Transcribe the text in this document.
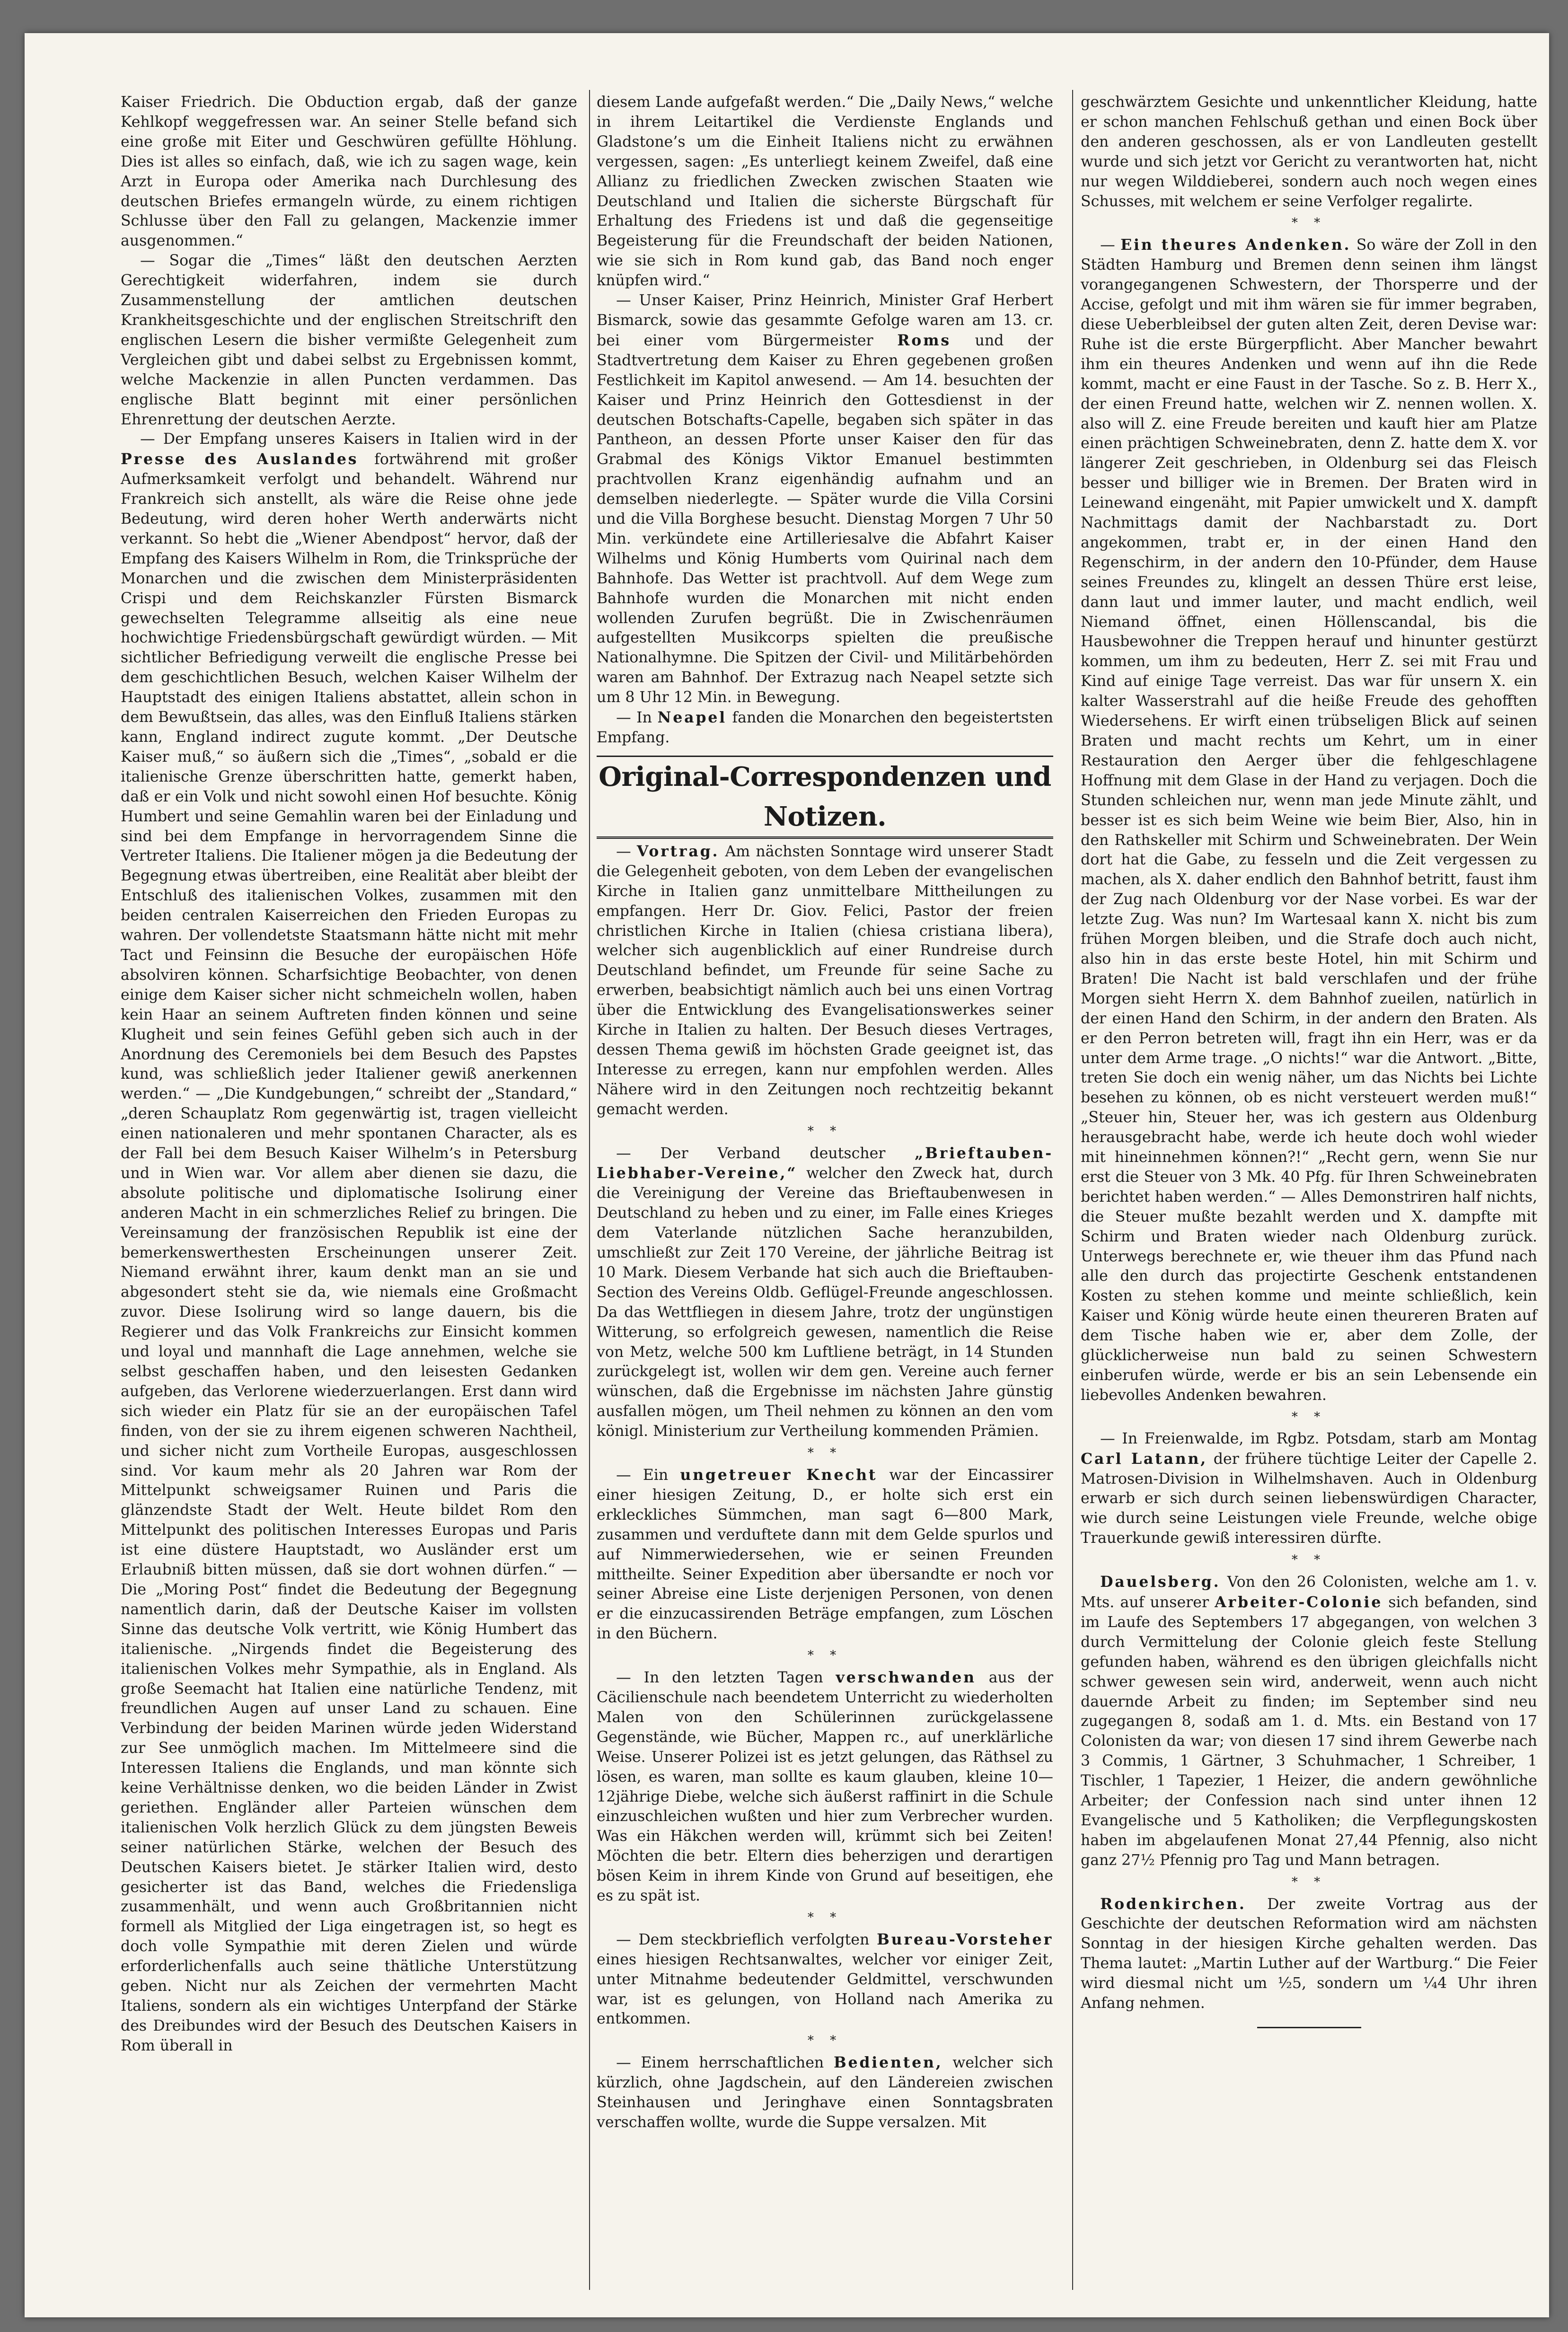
Kaiser Friedrich. Die Obduction ergab, daß der ganze Kehlkopf weggefressen war. An seiner Stelle befand sich eine große mit Eiter und Geschwüren gefüllte Höhlung. Dies ist alles so einfach, daß, wie ich zu sagen wage, kein Arzt in Europa oder Amerika nach Durchlesung des deutschen Briefes ermangeln würde, zu einem richtigen Schlusse über den Fall zu gelangen, Mackenzie immer ausgenommen.“

— Sogar die „Times“ läßt den deutschen Aerzten Gerechtigkeit widerfahren, indem sie durch Zusammenstellung der amtlichen deutschen Krankheitsgeschichte und der englischen Streitschrift den englischen Lesern die bisher vermißte Gelegenheit zum Vergleichen gibt und dabei selbst zu Ergebnissen kommt, welche Mackenzie in allen Puncten verdammen. Das englische Blatt beginnt mit einer persönlichen Ehrenrettung der deutschen Aerzte.

— Der Empfang unseres Kaisers in Italien wird in der Presse des Auslandes fortwährend mit großer Aufmerksamkeit verfolgt und behandelt. Während nur Frankreich sich anstellt, als wäre die Reise ohne jede Bedeutung, wird deren hoher Werth anderwärts nicht verkannt. So hebt die „Wiener Abendpost“ hervor, daß der Empfang des Kaisers Wilhelm in Rom, die Trinksprüche der Monarchen und die zwischen dem Ministerpräsidenten Crispi und dem Reichskanzler Fürsten Bismarck gewechselten Telegramme allseitig als eine neue hochwichtige Friedensbürgschaft gewürdigt würden. — Mit sichtlicher Befriedigung verweilt die englische Presse bei dem geschichtlichen Besuch, welchen Kaiser Wilhelm der Hauptstadt des einigen Italiens abstattet, allein schon in dem Bewußtsein, das alles, was den Einfluß Italiens stärken kann, England indirect zugute kommt. „Der Deutsche Kaiser muß,“ so äußern sich die „Times“, „sobald er die italienische Grenze überschritten hatte, gemerkt haben, daß er ein Volk und nicht sowohl einen Hof besuchte. König Humbert und seine Gemahlin waren bei der Einladung und sind bei dem Empfange in hervorragendem Sinne die Vertreter Italiens. Die Italiener mögen ja die Bedeutung der Begegnung etwas übertreiben, eine Realität aber bleibt der Entschluß des italienischen Volkes, zusammen mit den beiden centralen Kaiserreichen den Frieden Europas zu wahren. Der vollendetste Staatsmann hätte nicht mit mehr Tact und Feinsinn die Besuche der europäischen Höfe absolviren können. Scharfsichtige Beobachter, von denen einige dem Kaiser sicher nicht schmeicheln wollen, haben kein Haar an seinem Auftreten finden können und seine Klugheit und sein feines Gefühl geben sich auch in der Anordnung des Ceremoniels bei dem Besuch des Papstes kund, was schließlich jeder Italiener gewiß anerkennen werden.“ — „Die Kundgebungen,“ schreibt der „Standard,“ „deren Schauplatz Rom gegenwärtig ist, tragen vielleicht einen nationaleren und mehr spontanen Character, als es der Fall bei dem Besuch Kaiser Wilhelm’s in Petersburg und in Wien war. Vor allem aber dienen sie dazu, die absolute politische und diplomatische Isolirung einer anderen Macht in ein schmerzliches Relief zu bringen. Die Vereinsamung der französischen Republik ist eine der bemerkenswerthesten Erscheinungen unserer Zeit. Niemand erwähnt ihrer, kaum denkt man an sie und abgesondert steht sie da, wie niemals eine Großmacht zuvor. Diese Isolirung wird so lange dauern, bis die Regierer und das Volk Frankreichs zur Einsicht kommen und loyal und mannhaft die Lage annehmen, welche sie selbst geschaffen haben, und den leisesten Gedanken aufgeben, das Verlorene wiederzuerlangen. Erst dann wird sich wieder ein Platz für sie an der europäischen Tafel finden, von der sie zu ihrem eigenen schweren Nachtheil, und sicher nicht zum Vortheile Europas, ausgeschlossen sind. Vor kaum mehr als 20 Jahren war Rom der Mittelpunkt schweigsamer Ruinen und Paris die glänzendste Stadt der Welt. Heute bildet Rom den Mittelpunkt des politischen Interesses Europas und Paris ist eine düstere Hauptstadt, wo Ausländer erst um Erlaubniß bitten müssen, daß sie dort wohnen dürfen.“ — Die „Moring Post“ findet die Bedeutung der Begegnung namentlich darin, daß der Deutsche Kaiser im vollsten Sinne das deutsche Volk vertritt, wie König Humbert das italienische. „Nirgends findet die Begeisterung des italienischen Volkes mehr Sympathie, als in England. Als große Seemacht hat Italien eine natürliche Tendenz, mit freundlichen Augen auf unser Land zu schauen. Eine Verbindung der beiden Marinen würde jeden Widerstand zur See unmöglich machen. Im Mittelmeere sind die Interessen Italiens die Englands, und man könnte sich keine Verhältnisse denken, wo die beiden Länder in Zwist geriethen. Engländer aller Parteien wünschen dem italienischen Volk herzlich Glück zu dem jüngsten Beweis seiner natürlichen Stärke, welchen der Besuch des Deutschen Kaisers bietet. Je stärker Italien wird, desto gesicherter ist das Band, welches die Friedensliga zusammenhält, und wenn auch Großbritannien nicht formell als Mitglied der Liga eingetragen ist, so hegt es doch volle Sympathie mit deren Zielen und würde erforderlichenfalls auch seine thätliche Unterstützung geben. Nicht nur als Zeichen der vermehrten Macht Italiens, sondern als ein wichtiges Unterpfand der Stärke des Dreibundes wird der Besuch des Deutschen Kaisers in Rom überall in

diesem Lande aufgefaßt werden.“ Die „Daily News,“ welche in ihrem Leitartikel die Verdienste Englands und Gladstone’s um die Einheit Italiens nicht zu erwähnen vergessen, sagen: „Es unterliegt keinem Zweifel, daß eine Allianz zu friedlichen Zwecken zwischen Staaten wie Deutschland und Italien die sicherste Bürgschaft für Erhaltung des Friedens ist und daß die gegenseitige Begeisterung für die Freundschaft der beiden Nationen, wie sie sich in Rom kund gab, das Band noch enger knüpfen wird.“

— Unser Kaiser, Prinz Heinrich, Minister Graf Herbert Bismarck, sowie das gesammte Gefolge waren am 13. cr. bei einer vom Bürgermeister Roms und der Stadtvertretung dem Kaiser zu Ehren gegebenen großen Festlichkeit im Kapitol anwesend. — Am 14. besuchten der Kaiser und Prinz Heinrich den Gottesdienst in der deutschen Botschafts-Capelle, begaben sich später in das Pantheon, an dessen Pforte unser Kaiser den für das Grabmal des Königs Viktor Emanuel bestimmten prachtvollen Kranz eigenhändig aufnahm und an demselben niederlegte. — Später wurde die Villa Corsini und die Villa Borghese besucht. Dienstag Morgen 7 Uhr 50 Min. verkündete eine Artilleriesalve die Abfahrt Kaiser Wilhelms und König Humberts vom Quirinal nach dem Bahnhofe. Das Wetter ist prachtvoll. Auf dem Wege zum Bahnhofe wurden die Monarchen mit nicht enden wollenden Zurufen begrüßt. Die in Zwischenräumen aufgestellten Musikcorps spielten die preußische Nationalhymne. Die Spitzen der Civil- und Militärbehörden waren am Bahnhof. Der Extrazug nach Neapel setzte sich um 8 Uhr 12 Min. in Bewegung.

— In Neapel fanden die Monarchen den begeistertsten Empfang.

Original-Correspondenzen und Notizen.

— Vortrag. Am nächsten Sonntage wird unserer Stadt die Gelegenheit geboten, von dem Leben der evangelischen Kirche in Italien ganz unmittelbare Mittheilungen zu empfangen. Herr Dr. Giov. Felici, Pastor der freien christlichen Kirche in Italien (chiesa cristiana libera), welcher sich augenblicklich auf einer Rundreise durch Deutschland befindet, um Freunde für seine Sache zu erwerben, beabsichtigt nämlich auch bei uns einen Vortrag über die Entwicklung des Evangelisationswerkes seiner Kirche in Italien zu halten. Der Besuch dieses Vertrages, dessen Thema gewiß im höchsten Grade geeignet ist, das Interesse zu erregen, kann nur empfohlen werden. Alles Nähere wird in den Zeitungen noch rechtzeitig bekannt gemacht werden.

* *

— Der Verband deutscher „Brieftauben-Liebhaber-Vereine,“ welcher den Zweck hat, durch die Vereinigung der Vereine das Brieftaubenwesen in Deutschland zu heben und zu einer, im Falle eines Krieges dem Vaterlande nützlichen Sache heranzubilden, umschließt zur Zeit 170 Vereine, der jährliche Beitrag ist 10 Mark. Diesem Verbande hat sich auch die Brieftauben-Section des Vereins Oldb. Geflügel-Freunde angeschlossen. Da das Wettfliegen in diesem Jahre, trotz der ungünstigen Witterung, so erfolgreich gewesen, namentlich die Reise von Metz, welche 500 km Luftliene beträgt, in 14 Stunden zurückgelegt ist, wollen wir dem gen. Vereine auch ferner wünschen, daß die Ergebnisse im nächsten Jahre günstig ausfallen mögen, um Theil nehmen zu können an den vom königl. Ministerium zur Vertheilung kommenden Prämien.

* *

— Ein ungetreuer Knecht war der Eincassirer einer hiesigen Zeitung, D., er holte sich erst ein erkleckliches Sümmchen, man sagt 6—800 Mark, zusammen und verduftete dann mit dem Gelde spurlos und auf Nimmerwiedersehen, wie er seinen Freunden mittheilte. Seiner Expedition aber übersandte er noch vor seiner Abreise eine Liste derjenigen Personen, von denen er die einzucassirenden Beträge empfangen, zum Löschen in den Büchern.

* *

— In den letzten Tagen verschwanden aus der Cäcilienschule nach beendetem Unterricht zu wiederholten Malen von den Schülerinnen zurückgelassene Gegenstände, wie Bücher, Mappen rc., auf unerklärliche Weise. Unserer Polizei ist es jetzt gelungen, das Räthsel zu lösen, es waren, man sollte es kaum glauben, kleine 10—12jährige Diebe, welche sich äußerst raffinirt in die Schule einzuschleichen wußten und hier zum Verbrecher wurden. Was ein Häkchen werden will, krümmt sich bei Zeiten! Möchten die betr. Eltern dies beherzigen und derartigen bösen Keim in ihrem Kinde von Grund auf beseitigen, ehe es zu spät ist.

* *

— Dem steckbrieflich verfolgten Bureau-Vorsteher eines hiesigen Rechtsanwaltes, welcher vor einiger Zeit, unter Mitnahme bedeutender Geldmittel, verschwunden war, ist es gelungen, von Holland nach Amerika zu entkommen.

* *

— Einem herrschaftlichen Bedienten, welcher sich kürzlich, ohne Jagdschein, auf den Ländereien zwischen Steinhausen und Jeringhave einen Sonntagsbraten verschaffen wollte, wurde die Suppe versalzen. Mit

geschwärztem Gesichte und unkenntlicher Kleidung, hatte er schon manchen Fehlschuß gethan und einen Bock über den anderen geschossen, als er von Landleuten gestellt wurde und sich jetzt vor Gericht zu verantworten hat, nicht nur wegen Wilddieberei, sondern auch noch wegen eines Schusses, mit welchem er seine Verfolger regalirte.

* *

— Ein theures Andenken. So wäre der Zoll in den Städten Hamburg und Bremen denn seinen ihm längst vorangegangenen Schwestern, der Thorsperre und der Accise, gefolgt und mit ihm wären sie für immer begraben, diese Ueberbleibsel der guten alten Zeit, deren Devise war: Ruhe ist die erste Bürgerpflicht. Aber Mancher bewahrt ihm ein theures Andenken und wenn auf ihn die Rede kommt, macht er eine Faust in der Tasche. So z. B. Herr X., der einen Freund hatte, welchen wir Z. nennen wollen. X. also will Z. eine Freude bereiten und kauft hier am Platze einen prächtigen Schweinebraten, denn Z. hatte dem X. vor längerer Zeit geschrieben, in Oldenburg sei das Fleisch besser und billiger wie in Bremen. Der Braten wird in Leinewand eingenäht, mit Papier umwickelt und X. dampft Nachmittags damit der Nachbarstadt zu. Dort angekommen, trabt er, in der einen Hand den Regenschirm, in der andern den 10-Pfünder, dem Hause seines Freundes zu, klingelt an dessen Thüre erst leise, dann laut und immer lauter, und macht endlich, weil Niemand öffnet, einen Höllenscandal, bis die Hausbewohner die Treppen herauf und hinunter gestürzt kommen, um ihm zu bedeuten, Herr Z. sei mit Frau und Kind auf einige Tage verreist. Das war für unsern X. ein kalter Wasserstrahl auf die heiße Freude des gehofften Wiedersehens. Er wirft einen trübseligen Blick auf seinen Braten und macht rechts um Kehrt, um in einer Restauration den Aerger über die fehlgeschlagene Hoffnung mit dem Glase in der Hand zu verjagen. Doch die Stunden schleichen nur, wenn man jede Minute zählt, und besser ist es sich beim Weine wie beim Bier, Also, hin in den Rathskeller mit Schirm und Schweinebraten. Der Wein dort hat die Gabe, zu fesseln und die Zeit vergessen zu machen, als X. daher endlich den Bahnhof betritt, faust ihm der Zug nach Oldenburg vor der Nase vorbei. Es war der letzte Zug. Was nun? Im Wartesaal kann X. nicht bis zum frühen Morgen bleiben, und die Strafe doch auch nicht, also hin in das erste beste Hotel, hin mit Schirm und Braten! Die Nacht ist bald verschlafen und der frühe Morgen sieht Herrn X. dem Bahnhof zueilen, natürlich in der einen Hand den Schirm, in der andern den Braten. Als er den Perron betreten will, fragt ihn ein Herr, was er da unter dem Arme trage. „O nichts!“ war die Antwort. „Bitte, treten Sie doch ein wenig näher, um das Nichts bei Lichte besehen zu können, ob es nicht versteuert werden muß!“ „Steuer hin, Steuer her, was ich gestern aus Oldenburg herausgebracht habe, werde ich heute doch wohl wieder mit hineinnehmen können?!“ „Recht gern, wenn Sie nur erst die Steuer von 3 Mk. 40 Pfg. für Ihren Schweinebraten berichtet haben werden.“ — Alles Demonstriren half nichts, die Steuer mußte bezahlt werden und X. dampfte mit Schirm und Braten wieder nach Oldenburg zurück. Unterwegs berechnete er, wie theuer ihm das Pfund nach alle den durch das projectirte Geschenk entstandenen Kosten zu stehen komme und meinte schließlich, kein Kaiser und König würde heute einen theureren Braten auf dem Tische haben wie er, aber dem Zolle, der glücklicherweise nun bald zu seinen Schwestern einberufen würde, werde er bis an sein Lebensende ein liebevolles Andenken bewahren.

* *

— In Freienwalde, im Rgbz. Potsdam, starb am Montag Carl Latann, der frühere tüchtige Leiter der Capelle 2. Matrosen-Division in Wilhelmshaven. Auch in Oldenburg erwarb er sich durch seinen liebenswürdigen Character, wie durch seine Leistungen viele Freunde, welche obige Trauerkunde gewiß interessiren dürfte.

* *

Dauelsberg. Von den 26 Colonisten, welche am 1. v. Mts. auf unserer Arbeiter-Colonie sich befanden, sind im Laufe des Septembers 17 abgegangen, von welchen 3 durch Vermittelung der Colonie gleich feste Stellung gefunden haben, während es den übrigen gleichfalls nicht schwer gewesen sein wird, anderweit, wenn auch nicht dauernde Arbeit zu finden; im September sind neu zugegangen 8, sodaß am 1. d. Mts. ein Bestand von 17 Colonisten da war; von diesen 17 sind ihrem Gewerbe nach 3 Commis, 1 Gärtner, 3 Schuhmacher, 1 Schreiber, 1 Tischler, 1 Tapezier, 1 Heizer, die andern gewöhnliche Arbeiter; der Confession nach sind unter ihnen 12 Evangelische und 5 Katholiken; die Verpflegungskosten haben im abgelaufenen Monat 27,44 Pfennig, also nicht ganz 27½ Pfennig pro Tag und Mann betragen.

* *

Rodenkirchen. Der zweite Vortrag aus der Geschichte der deutschen Reformation wird am nächsten Sonntag in der hiesigen Kirche gehalten werden. Das Thema lautet: „Martin Luther auf der Wartburg.“ Die Feier wird diesmal nicht um ½5, sondern um ¼4 Uhr ihren Anfang nehmen.
